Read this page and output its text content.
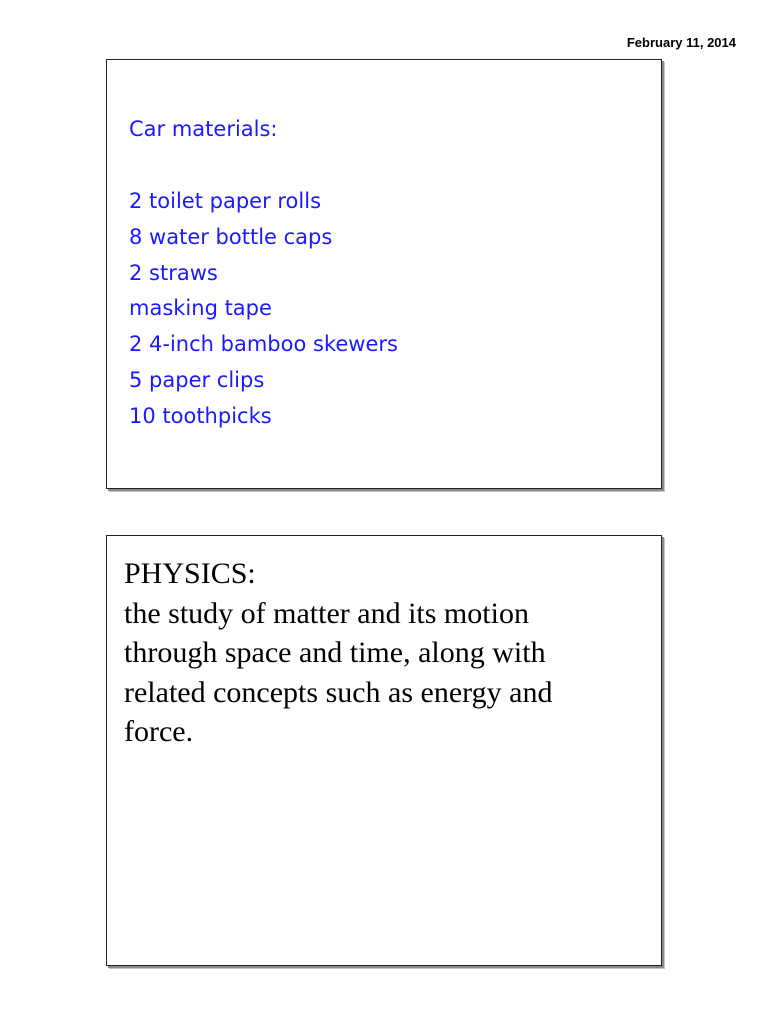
February 11, 2014

Car materials:

2 toilet paper rolls
8 water bottle caps
2 straws
masking tape
2 4-inch bamboo skewers
5 paper clips
10 toothpicks

PHYSICS:

the study of matter and its motion through space and time, along with related concepts such as energy and force.
